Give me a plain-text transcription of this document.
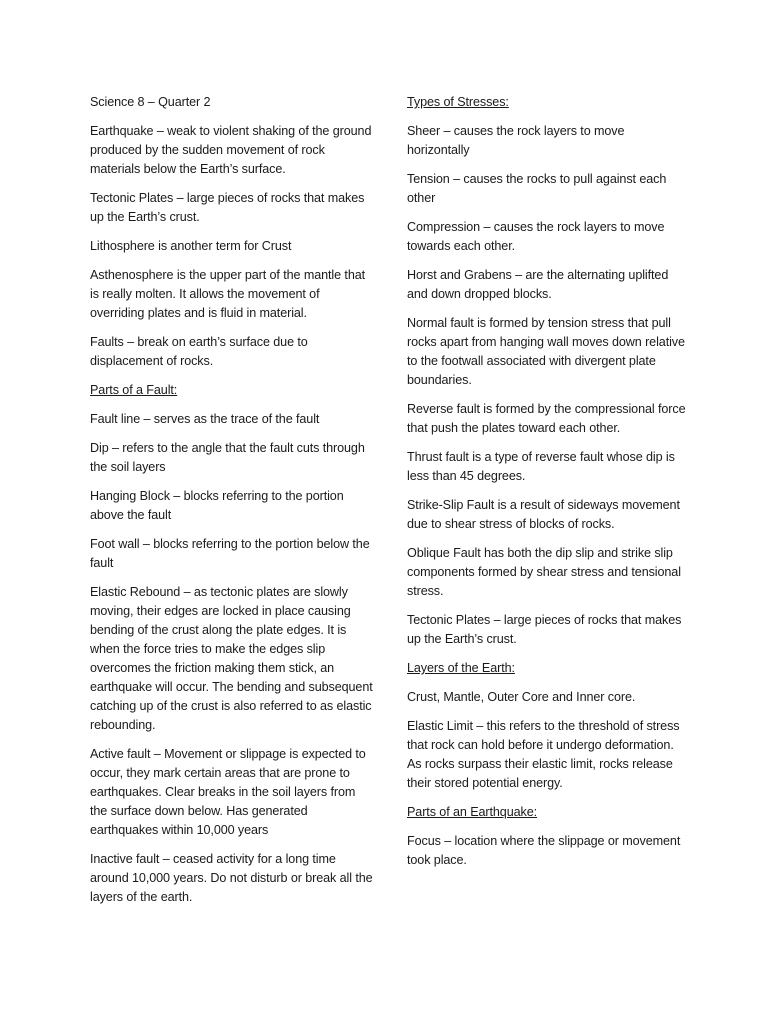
Science 8 – Quarter 2

Earthquake – weak to violent shaking of the ground produced by the sudden movement of rock materials below the Earth’s surface.

Tectonic Plates – large pieces of rocks that makes up the Earth’s crust.

Lithosphere is another term for Crust

Asthenosphere is the upper part of the mantle that is really molten. It allows the movement of overriding plates and is fluid in material.

Faults – break on earth’s surface due to displacement of rocks.

Parts of a Fault:

Fault line – serves as the trace of the fault

Dip – refers to the angle that the fault cuts through the soil layers

Hanging Block – blocks referring to the portion above the fault

Foot wall – blocks referring to the portion below the fault

Elastic Rebound – as tectonic plates are slowly moving, their edges are locked in place causing bending of the crust along the plate edges. It is when the force tries to make the edges slip overcomes the friction making them stick, an earthquake will occur. The bending and subsequent catching up of the crust is also referred to as elastic rebounding.

Active fault – Movement or slippage is expected to occur, they mark certain areas that are prone to earthquakes. Clear breaks in the soil layers from the surface down below. Has generated earthquakes within 10,000 years

Inactive fault – ceased activity for a long time around 10,000 years. Do not disturb or break all the layers of the earth.

Types of Stresses:

Sheer – causes the rock layers to move horizontally

Tension – causes the rocks to pull against each other

Compression – causes the rock layers to move towards each other.

Horst and Grabens – are the alternating uplifted and down dropped blocks.

Normal fault is formed by tension stress that pull rocks apart from hanging wall moves down relative to the footwall associated with divergent plate boundaries.

Reverse fault is formed by the compressional force that push the plates toward each other.

Thrust fault is a type of reverse fault whose dip is less than 45 degrees.

Strike-Slip Fault is a result of sideways movement due to shear stress of blocks of rocks.

Oblique Fault has both the dip slip and strike slip components formed by shear stress and tensional stress.

Tectonic Plates – large pieces of rocks that makes up the Earth’s crust.

Layers of the Earth:

Crust, Mantle, Outer Core and Inner core.

Elastic Limit – this refers to the threshold of stress that rock can hold before it undergo deformation. As rocks surpass their elastic limit, rocks release their stored potential energy.

Parts of an Earthquake:

Focus – location where the slippage or movement took place.
